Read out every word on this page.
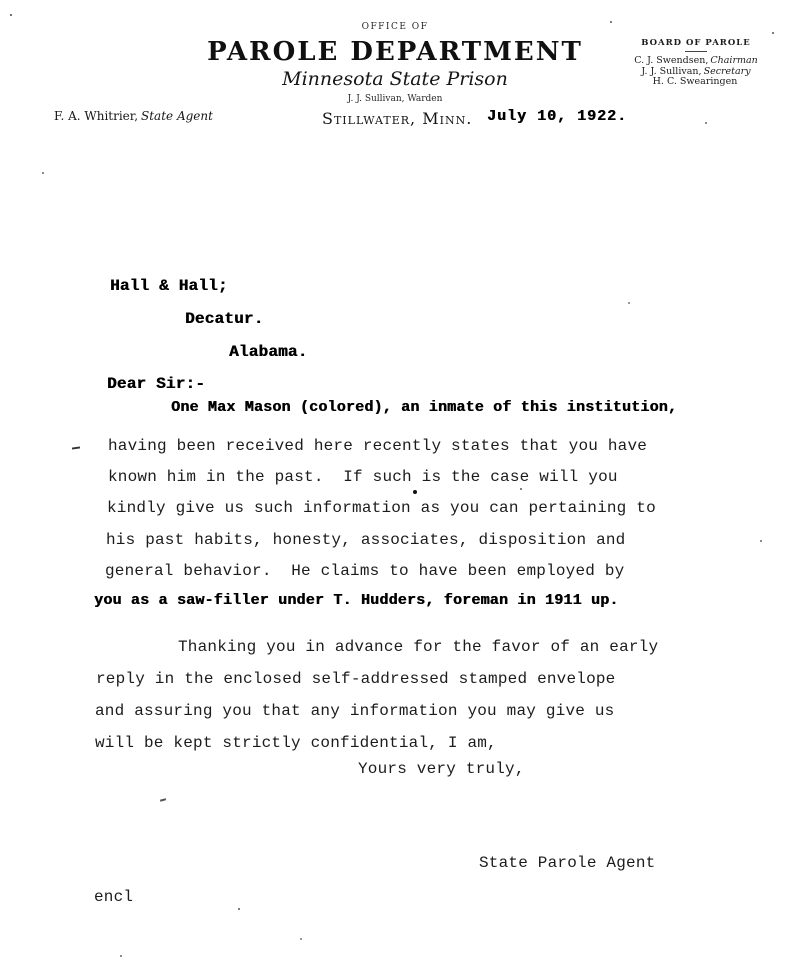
OFFICE OF
PAROLE DEPARTMENT
Minnesota State Prison
J. J. Sullivan, Warden
F. A. Whitrier, State Agent
BOARD OF PAROLE
C. J. Swendsen, Chairman
J. J. Sullivan, Secretary
H. C. Swearingen
Stillwater, Minn. July 10, 1922.
Hall & Hall;
Decatur.
Alabama.
Dear Sir:-
One Max Mason (colored), an inmate of this institution,
having been received here recently states that you have
known him in the past.  If such is the case will you
kindly give us such information as you can pertaining to
his past habits, honesty, associates, disposition and
general behavior.  He claims to have been employed by
you as a saw-filler under T. Hudders, foreman in 1911 up.
Thanking you in advance for the favor of an early
reply in the enclosed self-addressed stamped envelope
and assuring you that any information you may give us
will be kept strictly confidential, I am,
Yours very truly,
State Parole Agent
encl
